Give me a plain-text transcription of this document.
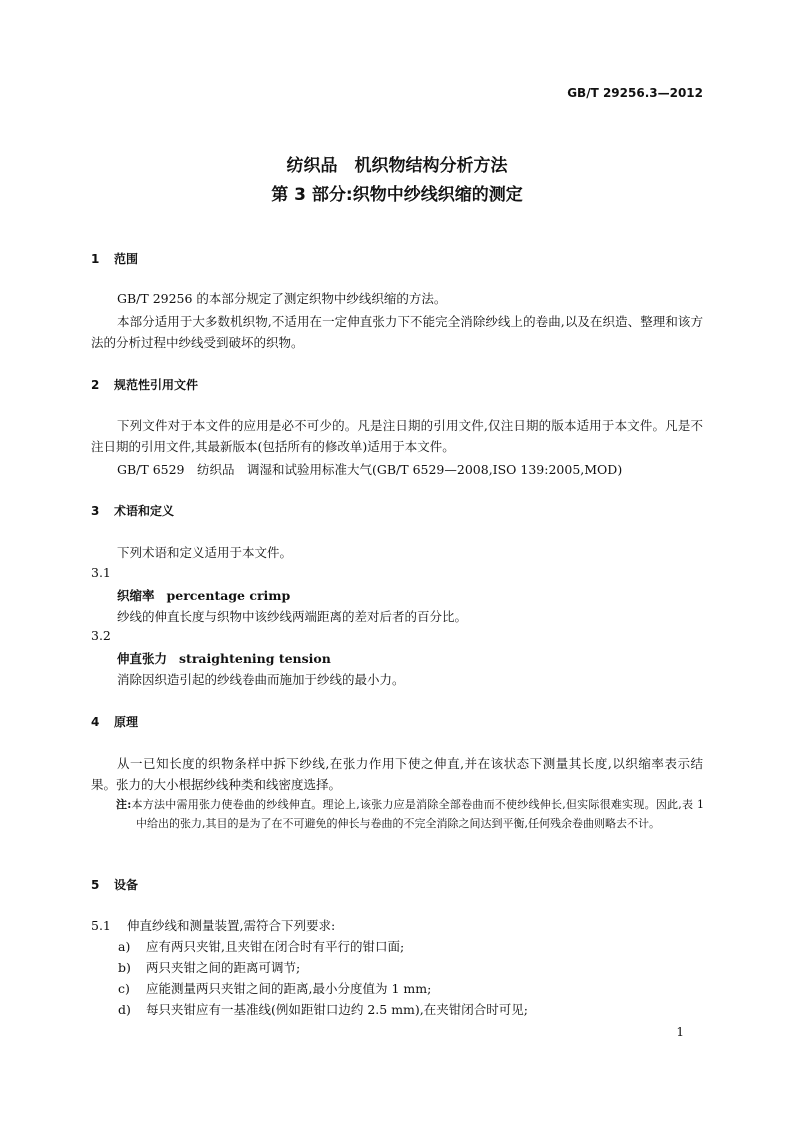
GB/T 29256.3—2012
纺织品　机织物结构分析方法
第 3 部分:织物中纱线织缩的测定
1 范围
GB/T 29256 的本部分规定了测定织物中纱线织缩的方法。
本部分适用于大多数机织物,不适用在一定伸直张力下不能完全消除纱线上的卷曲,以及在织造、整理和该方法的分析过程中纱线受到破坏的织物。
2 规范性引用文件
下列文件对于本文件的应用是必不可少的。凡是注日期的引用文件,仅注日期的版本适用于本文件。凡是不注日期的引用文件,其最新版本(包括所有的修改单)适用于本文件。
GB/T 6529　纺织品　调湿和试验用标准大气(GB/T 6529—2008,ISO 139:2005,MOD)
3 术语和定义
下列术语和定义适用于本文件。
3.1
织缩率 percentage crimp
纱线的伸直长度与织物中该纱线两端距离的差对后者的百分比。
3.2
伸直张力 straightening tension
消除因织造引起的纱线卷曲而施加于纱线的最小力。
4 原理
从一已知长度的织物条样中拆下纱线,在张力作用下使之伸直,并在该状态下测量其长度,以织缩率表示结果。张力的大小根据纱线种类和线密度选择。
注:本方法中需用张力使卷曲的纱线伸直。理论上,该张力应是消除全部卷曲而不使纱线伸长,但实际很难实现。因此,表 1 中给出的张力,其目的是为了在不可避免的伸长与卷曲的不完全消除之间达到平衡,任何残余卷曲则略去不计。
5 设备
5.1 伸直纱线和测量装置,需符合下列要求:
a) 应有两只夹钳,且夹钳在闭合时有平行的钳口面;
b) 两只夹钳之间的距离可调节;
c) 应能测量两只夹钳之间的距离,最小分度值为 1 mm;
d) 每只夹钳应有一基准线(例如距钳口边约 2.5 mm),在夹钳闭合时可见;
1
